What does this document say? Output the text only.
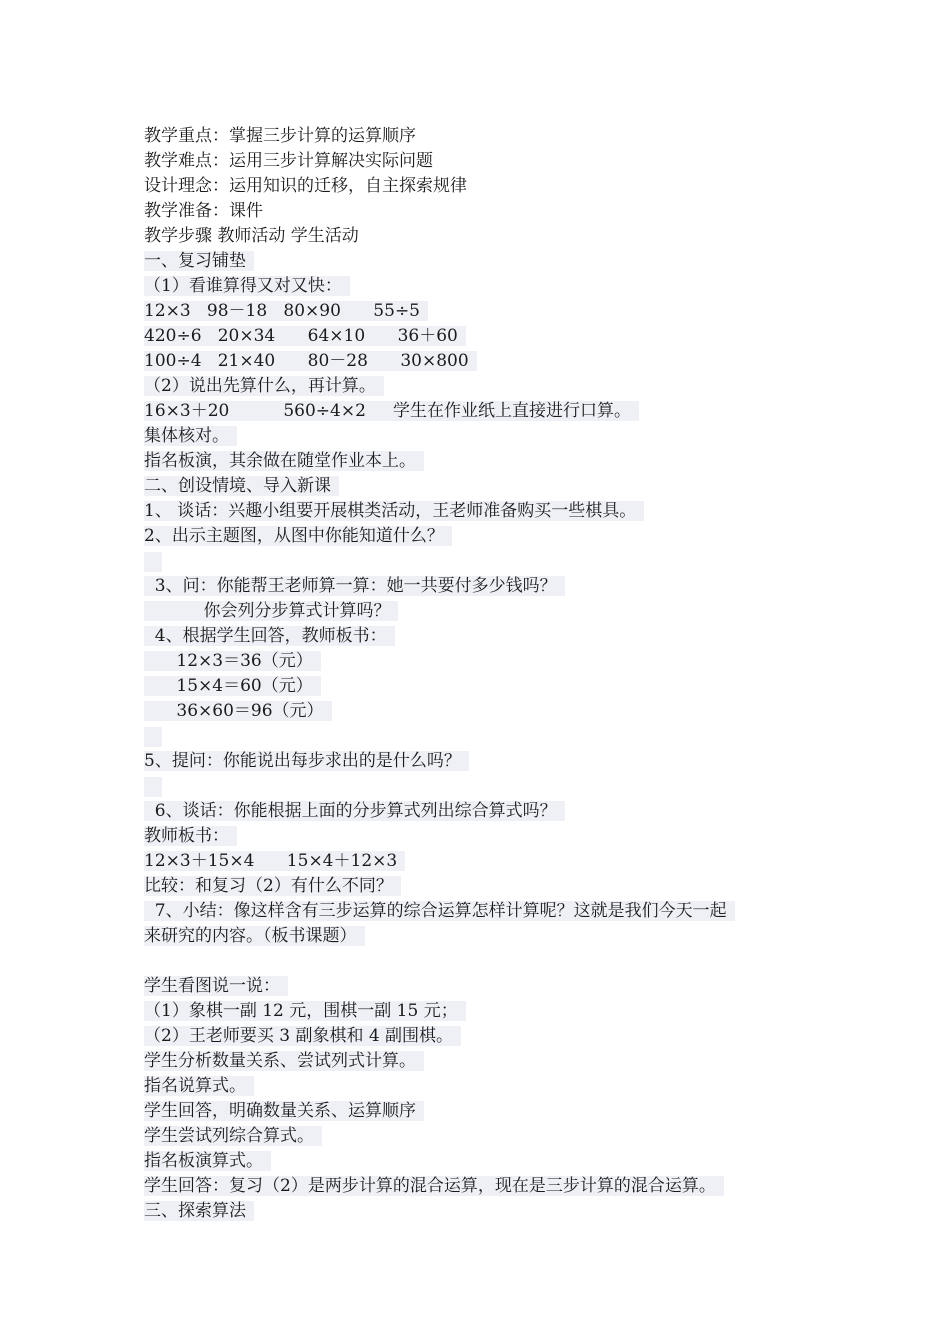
教学重点：掌握三步计算的运算顺序
教学难点：运用三步计算解决实际问题
设计理念：运用知识的迁移，自主探索规律
教学准备：课件
教学步骤 教师活动 学生活动
一、复习铺垫
（1）看谁算得又对又快：
12×3   98－18   80×90      55÷5
420÷6   20×34      64×10      36＋60
100÷4   21×40      80－28      30×800
（2）说出先算什么，再计算。
16×3＋20          560÷4×2     学生在作业纸上直接进行口算。
集体核对。
指名板演，其余做在随堂作业本上。
二、创设情境、导入新课
1、 谈话：兴趣小组要开展棋类活动，王老师准备购买一些棋具。
2、出示主题图，从图中你能知道什么？
3、问：你能帮王老师算一算：她一共要付多少钱吗？
你会列分步算式计算吗？
4、根据学生回答，教师板书：
12×3＝36（元）
15×4＝60（元）
36×60＝96（元）
5、提问：你能说出每步求出的是什么吗？
6、谈话：你能根据上面的分步算式列出综合算式吗？
教师板书：
12×3＋15×4      15×4＋12×3
比较：和复习（2）有什么不同？
7、小结：像这样含有三步运算的综合运算怎样计算呢？这就是我们今天一起
来研究的内容。（板书课题）
学生看图说一说：
（1）象棋一副 12 元，围棋一副 15 元；
（2）王老师要买 3 副象棋和 4 副围棋。
学生分析数量关系、尝试列式计算。
指名说算式。
学生回答，明确数量关系、运算顺序
学生尝试列综合算式。
指名板演算式。
学生回答：复习（2）是两步计算的混合运算，现在是三步计算的混合运算。
三、探索算法
